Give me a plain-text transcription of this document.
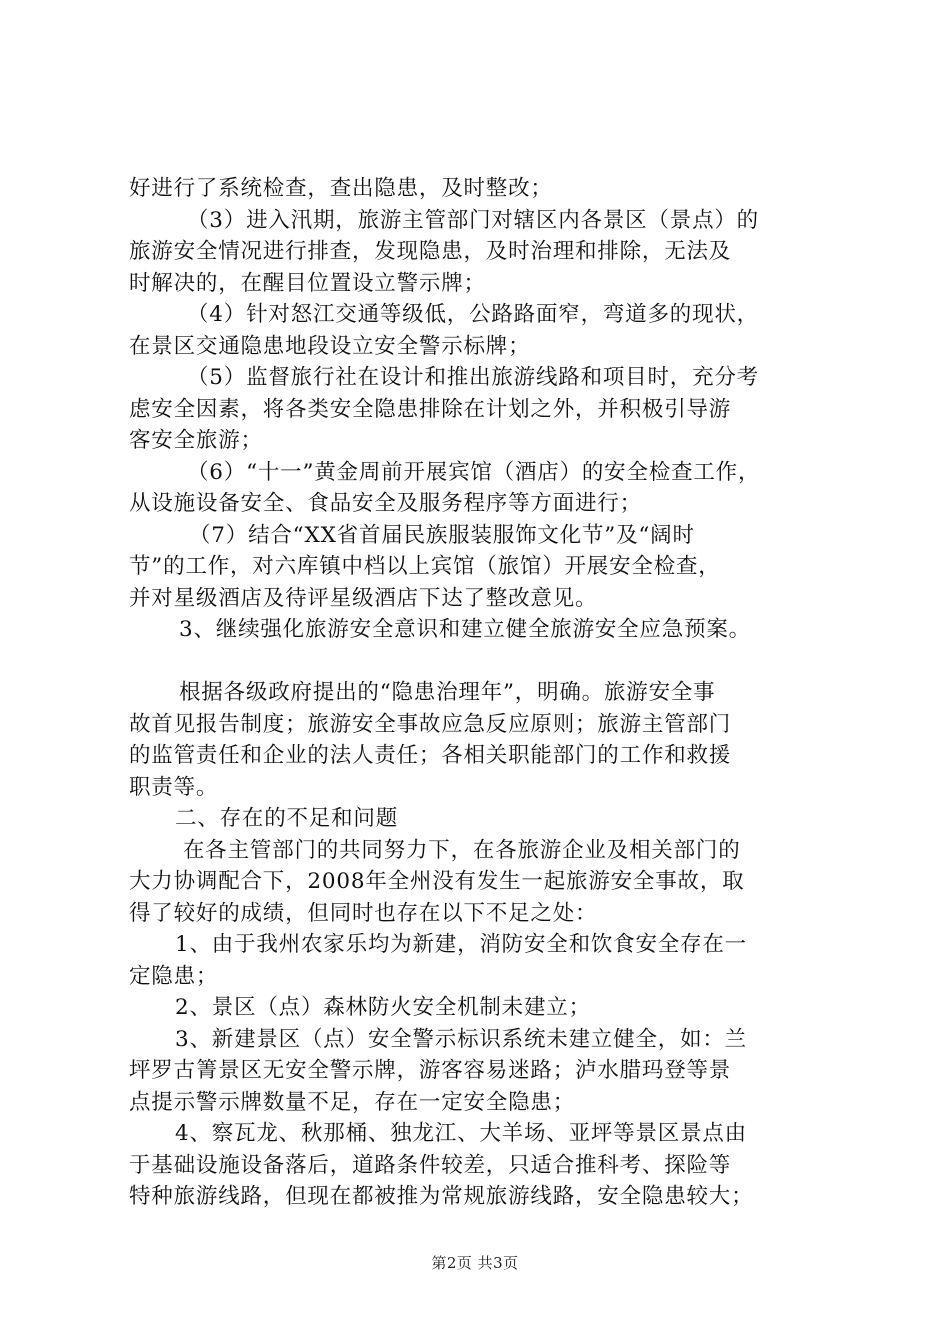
好进行了系统检查，查出隐患，及时整改；
（3）进入汛期，旅游主管部门对辖区内各景区（景点）的
旅游安全情况进行排查，发现隐患，及时治理和排除，无法及
时解决的，在醒目位置设立警示牌；
（4）针对怒江交通等级低，公路路面窄，弯道多的现状，
在景区交通隐患地段设立安全警示标牌；
（5）监督旅行社在设计和推出旅游线路和项目时，充分考
虑安全因素，将各类安全隐患排除在计划之外，并积极引导游
客安全旅游；
（6）“十一”黄金周前开展宾馆（酒店）的安全检查工作，
从设施设备安全、食品安全及服务程序等方面进行；
（7）结合“XX省首届民族服装服饰文化节”及“阔时
节”的工作，对六库镇中档以上宾馆（旅馆）开展安全检查，
并对星级酒店及待评星级酒店下达了整改意见。
3、继续强化旅游安全意识和建立健全旅游安全应急预案。
根据各级政府提出的“隐患治理年”，明确。旅游安全事
故首见报告制度；旅游安全事故应急反应原则；旅游主管部门
的监管责任和企业的法人责任；各相关职能部门的工作和救援
职责等。
二、存在的不足和问题
在各主管部门的共同努力下，在各旅游企业及相关部门的
大力协调配合下，2008年全州没有发生一起旅游安全事故，取
得了较好的成绩，但同时也存在以下不足之处：
1、由于我州农家乐均为新建，消防安全和饮食安全存在一
定隐患；
2、景区（点）森林防火安全机制未建立；
3、新建景区（点）安全警示标识系统未建立健全，如：兰
坪罗古箐景区无安全警示牌，游客容易迷路；泸水腊玛登等景
点提示警示牌数量不足，存在一定安全隐患；
4、察瓦龙、秋那桶、独龙江、大羊场、亚坪等景区景点由
于基础设施设备落后，道路条件较差，只适合推科考、探险等
特种旅游线路，但现在都被推为常规旅游线路，安全隐患较大；
第2页 共3页
